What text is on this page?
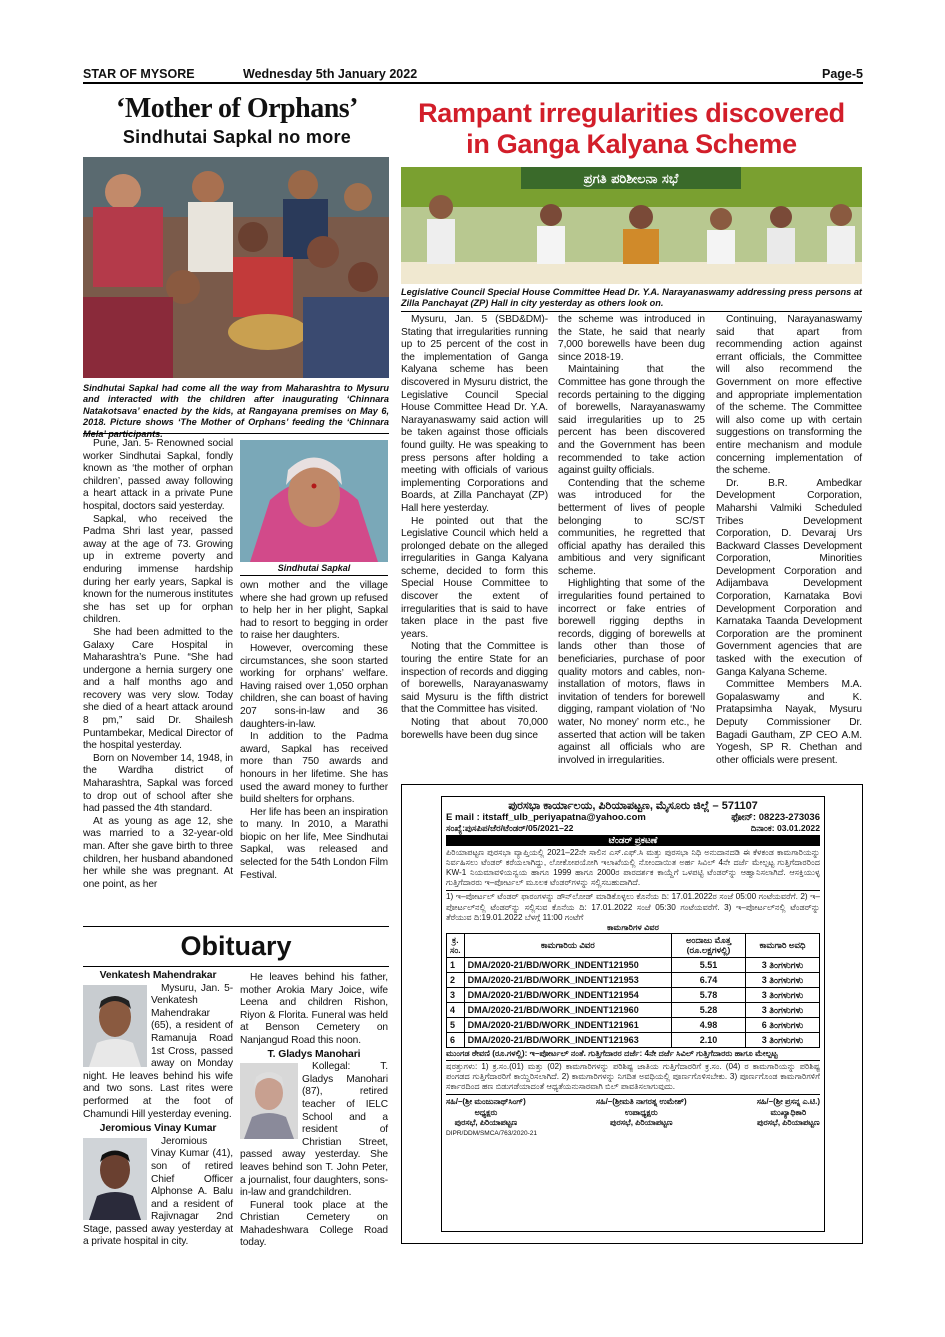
STAR OF MYSORE	Wednesday 5th January 2022	Page-5
‘Mother of Orphans’
Sindhutai Sapkal no more
Sindhutai Sapkal had come all the way from Maharashtra to Mysuru and interacted with the children after inaugurating ‘Chinnara Natakotsava’ enacted by the kids, at Rangayana premises on May 6, 2018. Picture shows ‘The Mother of Orphans’ feeding the ‘Chinnara Mela’ participants.

Pune, Jan. 5- Renowned social worker Sindhutai Sapkal, fondly known as ‘the mother of orphan children’, passed away following a heart attack in a private Pune hospital, doctors said yesterday.

Sapkal, who received the Padma Shri last year, passed away at the age of 73. Growing up in extreme poverty and enduring immense hardship during her early years, Sapkal is known for the numerous institutes she has set up for orphan children.

She had been admitted to the Galaxy Care Hospital in Maharashtra’s Pune. “She had undergone a hernia surgery one and a half months ago and recovery was very slow. Today she died of a heart attack around 8 pm,” said Dr. Shailesh Puntambekar, Medical Director of the hospital yesterday.

Born on November 14, 1948, in the Wardha district of Maharashtra, Sapkal was forced to drop out of school after she had passed the 4th standard.

At as young as age 12, she was married to a 32-year-old man. After she gave birth to three children, her husband abandoned her while she was pregnant. At one point, as her

Sindhutai Sapkal

own mother and the village where she had grown up refused to help her in her plight, Sapkal had to resort to begging in order to raise her daughters.

However, overcoming these circumstances, she soon started working for orphans’ welfare. Having raised over 1,050 orphan children, she can boast of having 207 sons-in-law and 36 daughters-in-law.

In addition to the Padma award, Sapkal has received more than 750 awards and honours in her lifetime. She has used the award money to further build shelters for orphans.

Her life has been an inspiration to many. In 2010, a Marathi biopic on her life, Mee Sindhutai Sapkal, was released and selected for the 54th London Film Festival.

Obituary
Venkatesh Mahendrakar

Mysuru, Jan. 5- Venkatesh Mahendrakar (65), a resident of Ramanuja Road 1st Cross, passed away on Monday night. He leaves behind his wife and two sons. Last rites were performed at the foot of Chamundi Hill yesterday evening.

Jeromious Vinay Kumar

Jeromious Vinay Kumar (41), son of retired Chief Officer Alphonse A. Balu and a resident of Rajivnagar 2nd Stage, passed away yesterday at a private hospital in city.

He leaves behind his father, mother Arokia Mary Joice, wife Leena and children Rishon, Riyon & Florita. Funeral was held at Benson Cemetery on Nanjangud Road this noon.

T. Gladys Manohari

Kollegal: T. Gladys Manohari (87), retired teacher of IELC School and a resident of Christian Street, passed away yesterday. She leaves behind son T. John Peter, a journalist, four daughters, sons-in-law and grandchildren.

Funeral took place at the Christian Cemetery on Mahadeshwara College Road today.

Rampant irregularities discovered
in Ganga Kalyana Scheme
ಪ್ರಗತಿ ಪರಿಶೀಲನಾ ಸಭೆ
Legislative Council Special House Committee Head Dr. Y.A. Narayanaswamy addressing press persons at Zilla Panchayat (ZP) Hall in city yesterday as others look on.

Mysuru, Jan. 5 (SBD&DM)- Stating that irregularities running up to 25 percent of the cost in the implementation of Ganga Kalyana scheme has been discovered in Mysuru district, the Legislative Council Special House Committee Head Dr. Y.A. Narayanaswamy said action will be taken against those officials found guilty. He was speaking to press persons after holding a meeting with officials of various implementing Corporations and Boards, at Zilla Panchayat (ZP) Hall here yesterday.

He pointed out that the Legislative Council which held a prolonged debate on the alleged irregularities in Ganga Kalyana scheme, decided to form this Special House Committee to discover the extent of irregularities that is said to have taken place in the past five years.

Noting that the Committee is touring the entire State for an inspection of records and digging of borewells, Narayanaswamy said Mysuru is the fifth district that the Committee has visited.

Noting that about 70,000 borewells have been dug since

the scheme was introduced in the State, he said that nearly 7,000 borewells have been dug since 2018-19.

Maintaining that the Committee has gone through the records pertaining to the digging of borewells, Narayanaswamy said irregularities up to 25 percent has been discovered and the Government has been recommended to take action against guilty officials.

Contending that the scheme was introduced for the betterment of lives of people belonging to SC/ST communities, he regretted that official apathy has derailed this ambitious and very significant scheme.

Highlighting that some of the irregularities found pertained to incorrect or fake entries of borewell rigging depths in records, digging of borewells at lands other than those of beneficiaries, purchase of poor quality motors and cables, non-installation of motors, flaws in invitation of tenders for borewell digging, rampant violation of ‘No water, No money’ norm etc., he asserted that action will be taken against all officials who are involved in irregularities.

Continuing, Narayanaswamy said that apart from recommending action against errant officials, the Committee will also recommend the Government on more effective and appropriate implementation of the scheme. The Committee will also come up with certain suggestions on transforming the entire mechanism and module concerning implementation of the scheme.

Dr. B.R. Ambedkar Development Corporation, Maharshi Valmiki Scheduled Tribes Development Corporation, D. Devaraj Urs Backward Classes Development Corporation, Minorities Development Corporation and Adijambava Development Corporation, Karnataka Bovi Development Corporation and Karnataka Taanda Development Corporation are the prominent Government agencies that are tasked with the execution of Ganga Kalyana Scheme.

Committee Members M.A. Gopalaswamy and K. Pratapsimha Nayak, Mysuru Deputy Commissioner Dr. Bagadi Gautham, ZP CEO A.M. Yogesh, SP R. Chethan and other officials were present.

ಪುರಸಭಾ ಕಾರ್ಯಾಲಯ, ಪಿರಿಯಾಪಟ್ಟಣ, ಮೈಸೂರು ಜಿಲ್ಲೆ – 571107
E mail : itstaff_ulb_periyapatna@yahoo.com	ಫೋನ್: 08223-273036
ಸಂಖ್ಯೆ:ಪುಸಪಿಪ/ಜೆರ/ಟೆಂಡರ್/05/2021–22	ದಿನಾಂಕ: 03.01.2022
ಟೆಂಡರ್ ಪ್ರಕಟಣೆ
ಪಿರಿಯಾಪಟ್ಟಣ ಪುರಸಭಾ ವ್ಯಾಪ್ತಿಯಲ್ಲಿ 2021–22ನೇ ಸಾಲಿನ ಎಸ್.ಎಫ್.ಸಿ ಮತ್ತು ಪುರಸಭಾ ನಿಧಿ ಅನುದಾನದಡಿ ಈ ಕೆಳಕಂಡ ಕಾಮಗಾರಿಯನ್ನು ನಿರ್ವಹಿಸಲು ಟೆಂಡರ್ ಕರೆಯಲಾಗಿದ್ದು, ಲೋಕೋಪಯೋಗಿ ಇಲಾಖೆಯಲ್ಲಿ ನೋಂದಾಯಿತ ಅರ್ಹ ಸಿವಿಲ್ 4ನೇ ದರ್ಜೆ ಮೇಲ್ಪಟ್ಟ ಗುತ್ತಿಗೆದಾರರಿಂದ KW-1 ನಿಯಮಾವಳಿಯನ್ವಯ ಹಾಗೂ 1999 ಹಾಗೂ 2000ರ ಪಾರದರ್ಶಕ ಕಾಯ್ದೆಗೆ ಒಳಪಟ್ಟಿ ಟೆಂಡರ್‌ನ್ನು ಆಹ್ವಾನಿಸಲಾಗಿದೆ. ಆಸಕ್ತಿಯುಳ್ಳ ಗುತ್ತಿಗೆದಾರರು ಇ–ಪೋರ್ಟಲ್ ಮೂಲಕ ಟೆಂಡರ್‌ಗಳನ್ನು ಸಲ್ಲಿಸಬಹುದಾಗಿದೆ.
1) ಇ–ಪೋರ್ಟಲ್ ಟೆಂಡರ್ ಫಾರಂಗಳನ್ನು ಡೌನ್‌ಲೋಡ್ ಮಾಡಿಕೊಳ್ಳಲು ಕೊನೆಯ ದಿ: 17.01.2022ರ ಸಂಜೆ 05:00 ಗಂಟೆಯವರೆಗೆ. 2) ಇ–ಪೋರ್ಟಲ್‌ನಲ್ಲಿ ಟೆಂಡರ್‌ನ್ನು ಸಲ್ಲಿಸುವ ಕೊನೆಯ ದಿ: 17.01.2022 ಸಂಜೆ 05:30 ಗಂಟೆಯವರೆಗೆ. 3) ಇ–ಪೋರ್ಟಲ್‌ನಲ್ಲಿ ಟೆಂಡರ್‌ನ್ನು ತೆರೆಯುವ ದಿ:19.01.2022 ಬೆಳಗ್ಗೆ 11:00 ಗಂಟೆಗೆ
ಕಾಮಗಾರಿಗಳ ವಿವರ
ಕ್ರ. ಸಂ.	ಕಾಮಗಾರಿಯ ವಿವರ	ಅಂದಾಜು ಮೊತ್ತ (ರೂ.ಲಕ್ಷಗಳಲ್ಲಿ)	ಕಾಮಗಾರಿ ಅವಧಿ
1	DMA/2020-21/BD/WORK_INDENT121950	5.51	3 ತಿಂಗಳುಗಳು
2	DMA/2020-21/BD/WORK_INDENT121953	6.74	3 ತಿಂಗಳುಗಳು
3	DMA/2020-21/BD/WORK_INDENT121954	5.78	3 ತಿಂಗಳುಗಳು
4	DMA/2020-21/BD/WORK_INDENT121960	5.28	3 ತಿಂಗಳುಗಳು
5	DMA/2020-21/BD/WORK_INDENT121961	4.98	6 ತಿಂಗಳುಗಳು
6	DMA/2020-21/BD/WORK_INDENT121963	2.10	3 ತಿಂಗಳುಗಳು
ಮುಂಗಡ ಠೇವಣಿ (ರೂ.ಗಳಲ್ಲಿ): ಇ–ಪೋರ್ಟಲ್ ನಂತೆ. ಗುತ್ತಿಗೆದಾರರ ದರ್ಜೆ: 4ನೇ ದರ್ಜೆ ಸಿವಿಲ್ ಗುತ್ತಿಗೆದಾರರು ಹಾಗೂ ಮೇಲ್ಪಟ್ಟ
ಷರತ್ತುಗಳು: 1) ಕ್ರ.ಸಂ.(01) ಮತ್ತು (02) ಕಾಮಗಾರಿಗಳನ್ನು ಪರಿಶಿಷ್ಟ ಜಾತಿಯ ಗುತ್ತಿಗೆದಾರರಿಗೆ ಕ್ರ.ಸಂ. (04) ರ ಕಾಮಗಾರಿಯನ್ನು ಪರಿಶಿಷ್ಟ ಪಂಗಡದ ಗುತ್ತಿಗೆದಾರರಿಗೆ ಕಾಯ್ದಿರಿಸಲಾಗಿದೆ. 2) ಕಾಮಗಾರಿಗಳನ್ನು ನಿಗದಿತ ಅವಧಿಯಲ್ಲಿ ಪೂರ್ಣಗೊಳಿಸಬೇಕು. 3) ಪೂರ್ಣಗೊಂಡ ಕಾಮಗಾರಿಗಳಿಗೆ ಸರ್ಕಾರದಿಂದ ಹಣ ಬಿಡುಗಡೆಯಾದಂತೆ ಆಧ್ಯತೆಯನುಸಾರವಾಗಿ ಬಿಲ್ ಪಾವತಿಸಲಾಗುವುದು.
ಸಹಿ/–(ಶ್ರೀ ಮಂಜುನಾಥ್‌ಸಿಂಗ್)
ಅಧ್ಯಕ್ಷರು
ಪುರಸಭೆ, ಪಿರಿಯಾಪಟ್ಟಣ
ಸಹಿ/–(ಶ್ರೀಮತಿ ನಾಗರತ್ನ ಉಮೇಶ್)
ಉಪಾಧ್ಯಕ್ಷರು
ಪುರಸಭೆ, ಪಿರಿಯಾಪಟ್ಟಣ
ಸಹಿ/–(ಶ್ರೀ ಪ್ರಸನ್ನ ಎ.ಟಿ.)
ಮುಖ್ಯಾಧಿಕಾರಿ
ಪುರಸಭೆ, ಪಿರಿಯಾಪಟ್ಟಣ
DIPR/DDM/SMCA/763/2020-21
